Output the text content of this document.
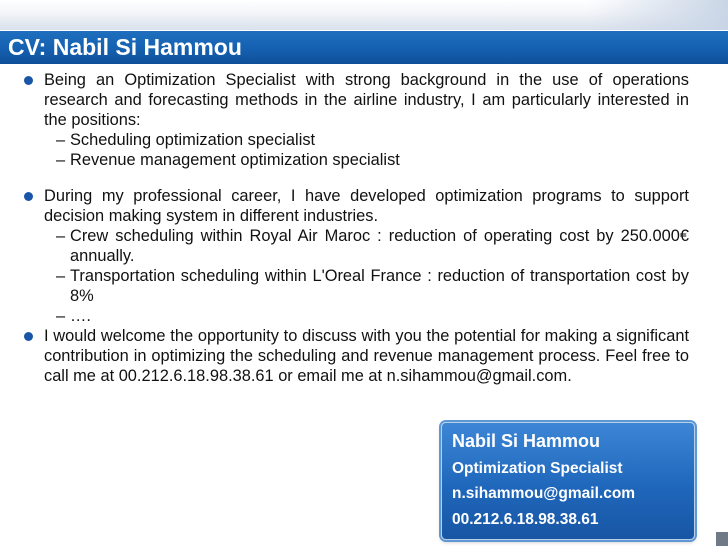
CV: Nabil Si Hammou
Being an Optimization Specialist with strong background in the use of operations research and forecasting methods in the airline industry, I am particularly interested in the positions:
– Scheduling optimization specialist
– Revenue management optimization specialist
During my professional career, I have developed optimization programs to support decision making system in different industries.
– Crew scheduling within Royal Air Maroc : reduction of operating cost by 250.000€ annually.
– Transportation scheduling within L'Oreal France : reduction of transportation cost by 8%
– ….
I would welcome the opportunity to discuss with you the potential for making a significant contribution in optimizing the scheduling and revenue management process. Feel free to call me at 00.212.6.18.98.38.61 or email me at n.sihammou@gmail.com.
Nabil Si Hammou
Optimization Specialist
n.sihammou@gmail.com
00.212.6.18.98.38.61
